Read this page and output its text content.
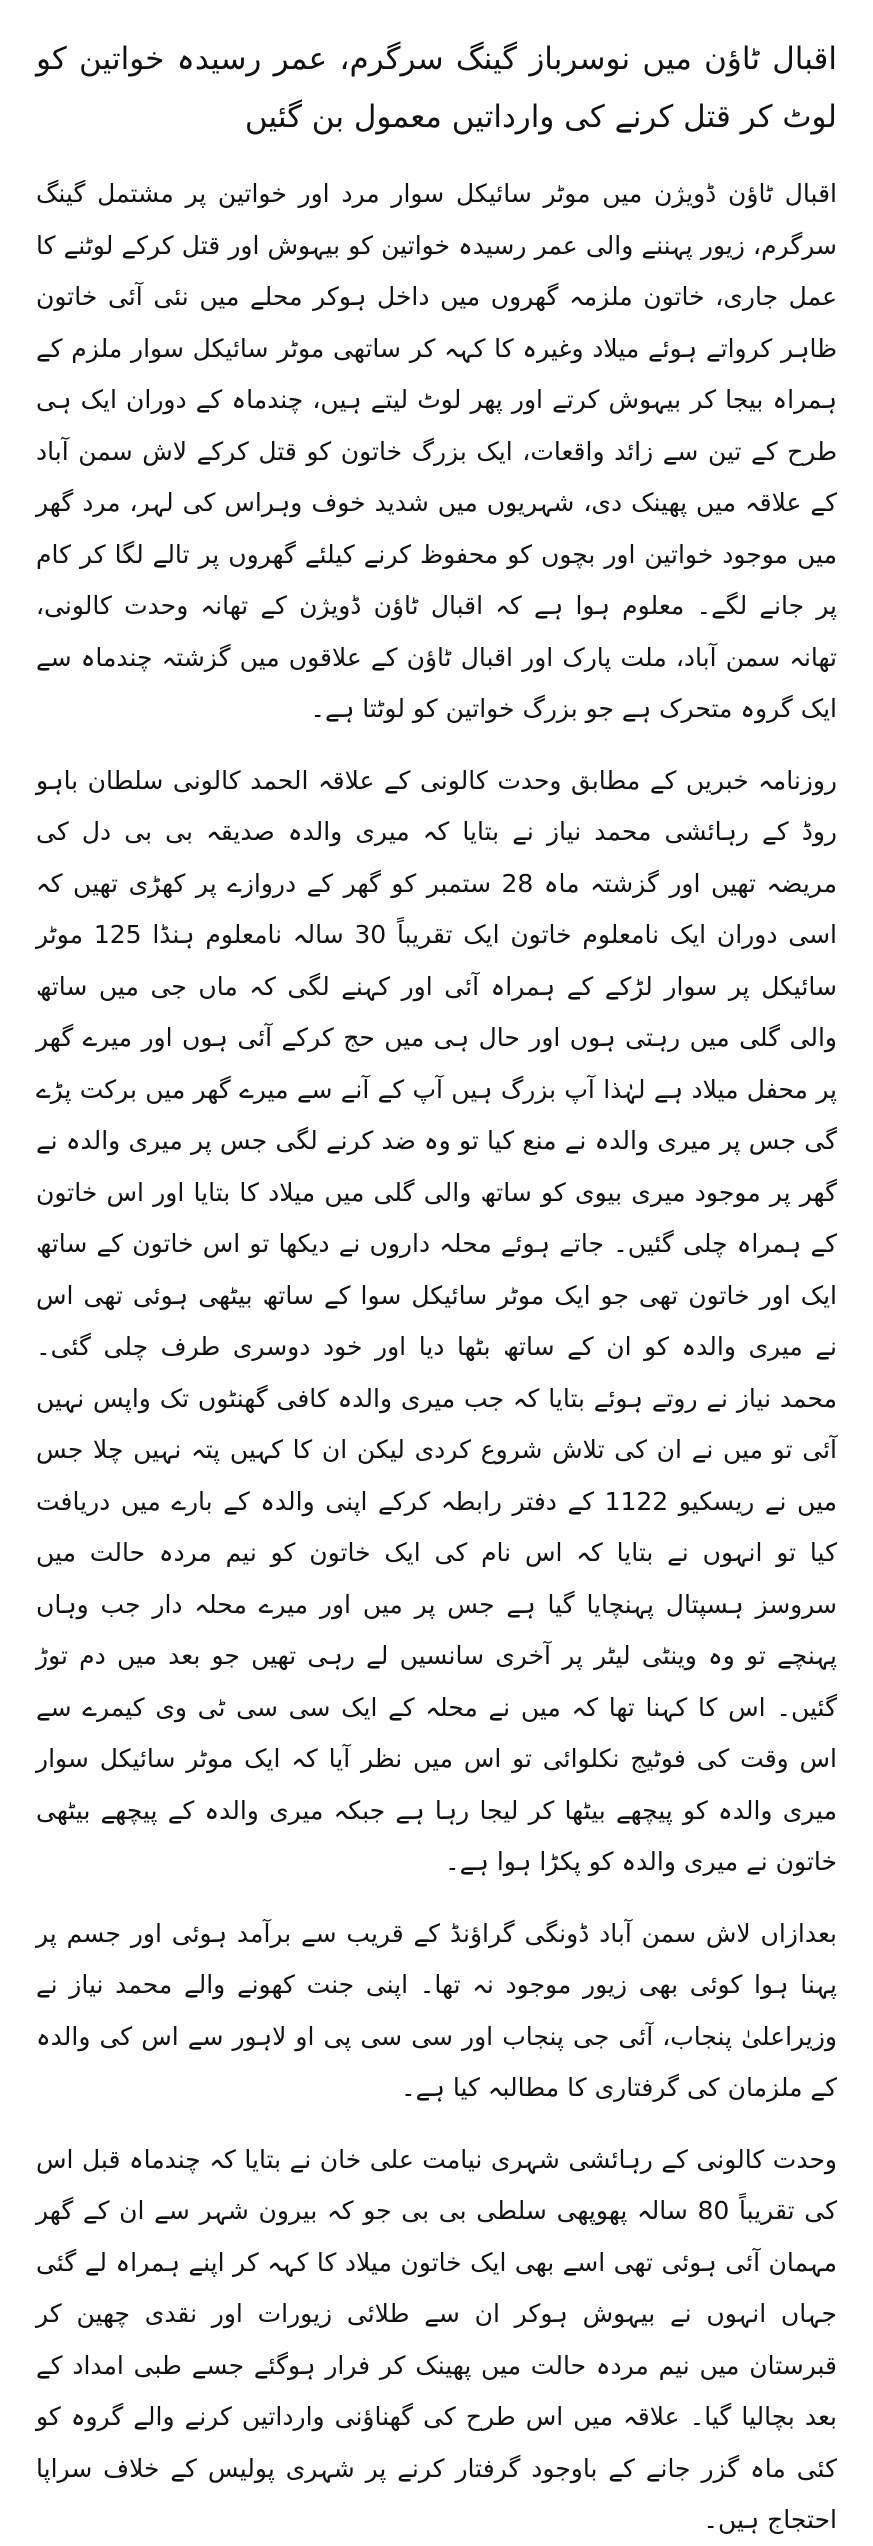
اقبال ٹاؤن میں نوسرباز گینگ سرگرم، عمر رسیدہ خواتین کو لوٹ کر قتل کرنے کی وارداتیں معمول بن گئیں

اقبال ٹاؤن ڈویژن میں موٹر سائیکل سوار مرد اور خواتین پر مشتمل گینگ سرگرم، زیور پہننے والی عمر رسیدہ خواتین کو بیہوش اور قتل کرکے لوٹنے کا عمل جاری، خاتون ملزمہ گھروں میں داخل ہوکر محلے میں نئی آئی خاتون ظاہر کرواتے ہوئے میلاد وغیرہ کا کہہ کر ساتھی موٹر سائیکل سوار ملزم کے ہمراہ بیجا کر بیہوش کرتے اور پھر لوٹ لیتے ہیں، چندماہ کے دوران ایک ہی طرح کے تین سے زائد واقعات، ایک بزرگ خاتون کو قتل کرکے لاش سمن آباد کے علاقہ میں پھینک دی، شہریوں میں شدید خوف وہراس کی لہر، مرد گھر میں موجود خواتین اور بچوں کو محفوظ کرنے کیلئے گھروں پر تالے لگا کر کام پر جانے لگے۔ معلوم ہوا ہے کہ اقبال ٹاؤن ڈویژن کے تھانہ وحدت کالونی، تھانہ سمن آباد، ملت پارک اور اقبال ٹاؤن کے علاقوں میں گزشتہ چندماہ سے ایک گروہ متحرک ہے جو بزرگ خواتین کو لوٹتا ہے۔

روزنامہ خبریں کے مطابق وحدت کالونی کے علاقہ الحمد کالونی سلطان باہو روڈ کے رہائشی محمد نیاز نے بتایا کہ میری والدہ صدیقہ بی بی دل کی مریضہ تھیں اور گزشتہ ماہ 28 ستمبر کو گھر کے دروازے پر کھڑی تھیں کہ اسی دوران ایک نامعلوم خاتون ایک تقریباً 30 سالہ نامعلوم ہنڈا 125 موٹر سائیکل پر سوار لڑکے کے ہمراہ آئی اور کہنے لگی کہ ماں جی میں ساتھ والی گلی میں رہتی ہوں اور حال ہی میں حج کرکے آئی ہوں اور میرے گھر پر محفل میلاد ہے لہٰذا آپ بزرگ ہیں آپ کے آنے سے میرے گھر میں برکت پڑے گی جس پر میری والدہ نے منع کیا تو وہ ضد کرنے لگی جس پر میری والدہ نے گھر پر موجود میری بیوی کو ساتھ والی گلی میں میلاد کا بتایا اور اس خاتون کے ہمراہ چلی گئیں۔ جاتے ہوئے محلہ داروں نے دیکھا تو اس خاتون کے ساتھ ایک اور خاتون تھی جو ایک موٹر سائیکل سوا کے ساتھ بیٹھی ہوئی تھی اس نے میری والدہ کو ان کے ساتھ بٹھا دیا اور خود دوسری طرف چلی گئی۔ محمد نیاز نے روتے ہوئے بتایا کہ جب میری والدہ کافی گھنٹوں تک واپس نہیں آئی تو میں نے ان کی تلاش شروع کردی لیکن ان کا کہیں پتہ نہیں چلا جس میں نے ریسکیو 1122 کے دفتر رابطہ کرکے اپنی والدہ کے بارے میں دریافت کیا تو انہوں نے بتایا کہ اس نام کی ایک خاتون کو نیم مردہ حالت میں سروسز ہسپتال پہنچایا گیا ہے جس پر میں اور میرے محلہ دار جب وہاں پہنچے تو وہ وینٹی لیٹر پر آخری سانسیں لے رہی تھیں جو بعد میں دم توڑ گئیں۔ اس کا کہنا تھا کہ میں نے محلہ کے ایک سی سی ٹی وی کیمرے سے اس وقت کی فوٹیج نکلوائی تو اس میں نظر آیا کہ ایک موٹر سائیکل سوار میری والدہ کو پیچھے بیٹھا کر لیجا رہا ہے جبکہ میری والدہ کے پیچھے بیٹھی خاتون نے میری والدہ کو پکڑا ہوا ہے۔

بعدازاں لاش سمن آباد ڈونگی گراؤنڈ کے قریب سے برآمد ہوئی اور جسم پر پہنا ہوا کوئی بھی زیور موجود نہ تھا۔ اپنی جنت کھونے والے محمد نیاز نے وزیراعلیٰ پنجاب، آئی جی پنجاب اور سی سی پی او لاہور سے اس کی والدہ کے ملزمان کی گرفتاری کا مطالبہ کیا ہے۔

وحدت کالونی کے رہائشی شہری نیامت علی خان نے بتایا کہ چندماہ قبل اس کی تقریباً 80 سالہ پھوپھی سلطی بی بی جو کہ بیرون شہر سے ان کے گھر مہمان آئی ہوئی تھی اسے بھی ایک خاتون میلاد کا کہہ کر اپنے ہمراہ لے گئی جہاں انہوں نے بیہوش ہوکر ان سے طلائی زیورات اور نقدی چھین کر قبرستان میں نیم مردہ حالت میں پھینک کر فرار ہوگئے جسے طبی امداد کے بعد بچالیا گیا۔ علاقہ میں اس طرح کی گھناؤنی وارداتیں کرنے والے گروہ کو کئی ماہ گزر جانے کے باوجود گرفتار کرنے پر شہری پولیس کے خلاف سراپا احتجاج ہیں۔
